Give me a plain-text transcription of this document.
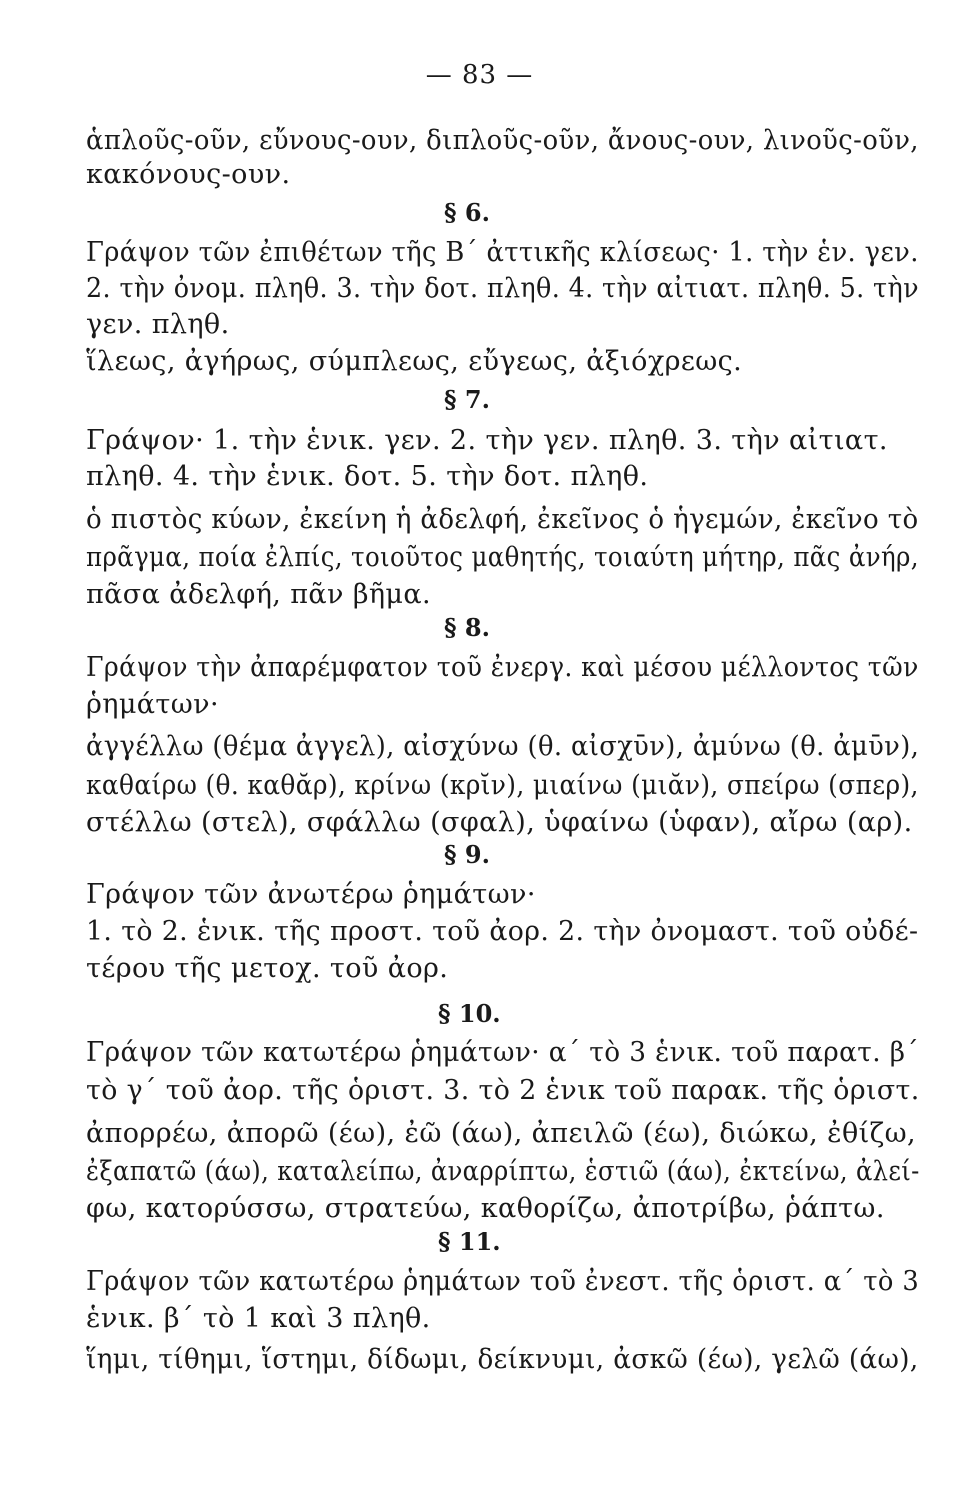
— 83 —
ἁπλοῦς-οῦν, εὔνους-ουν, διπλοῦς-οῦν, ἄνους-ουν, λινοῦς-οῦν,
κακόνους-ουν.
§ 6.
Γράψον τῶν ἐπιθέτων τῆς Β΄ ἀττικῆς κλίσεως· 1. τὴν ἑν. γεν.
2. τὴν ὀνομ. πληθ. 3. τὴν δοτ. πληθ. 4. τὴν αἰτιατ. πληθ. 5. τὴν
γεν. πληθ.
ἵλεως, ἀγήρως, σύμπλεως, εὔγεως, ἀξιόχρεως.
§ 7.
Γράψον· 1. τὴν ἑνικ. γεν. 2. τὴν γεν. πληθ. 3. τὴν αἰτιατ.
πληθ. 4. τὴν ἑνικ. δοτ. 5. τὴν δοτ. πληθ.
ὁ πιστὸς κύων, ἐκείνη ἡ ἀδελφή, ἐκεῖνος ὁ ἡγεμών, ἐκεῖνο τὸ
πρᾶγμα, ποία ἐλπίς, τοιοῦτος μαθητής, τοιαύτη μήτηρ, πᾶς ἀνήρ,
πᾶσα ἀδελφή, πᾶν βῆμα.
§ 8.
Γράψον τὴν ἀπαρέμφατον τοῦ ἐνεργ. καὶ μέσου μέλλοντος τῶν
ῥημάτων·
ἀγγέλλω (θέμα ἀγγελ), αἰσχύνω (θ. αἰσχῡν), ἀμύνω (θ. ἀμῡν),
καθαίρω (θ. καθᾰρ), κρίνω (κρῐν), μιαίνω (μιᾰν), σπείρω (σπερ),
στέλλω (στελ), σφάλλω (σφαλ), ὑφαίνω (ὑφαν), αἴρω (αρ).
§ 9.
Γράψον τῶν ἀνωτέρω ῥημάτων·
1. τὸ 2. ἑνικ. τῆς προστ. τοῦ ἀορ. 2. τὴν ὀνομαστ. τοῦ οὐδέ-
τέρου τῆς μετοχ. τοῦ ἀορ.
§ 10.
Γράψον τῶν κατωτέρω ῥημάτων· α΄ τὸ 3 ἑνικ. τοῦ παρατ. β΄
τὸ γ΄ τοῦ ἀορ. τῆς ὁριστ. 3. τὸ 2 ἑνικ τοῦ παρακ. τῆς ὁριστ.
ἀπορρέω, ἀπορῶ (έω), ἐῶ (άω), ἀπειλῶ (έω), διώκω, ἐθίζω,
ἐξαπατῶ (άω), καταλείπω, ἀναρρίπτω, ἑστιῶ (άω), ἐκτείνω, ἀλεί-
φω, κατορύσσω, στρατεύω, καθορίζω, ἀποτρίβω, ῥάπτω.
§ 11.
Γράψον τῶν κατωτέρω ῥημάτων τοῦ ἐνεστ. τῆς ὁριστ. α΄ τὸ 3
ἑνικ. β΄ τὸ 1 καὶ 3 πληθ.
ἵημι, τίθημι, ἵστημι, δίδωμι, δείκνυμι, ἀσκῶ (έω), γελῶ (άω),
